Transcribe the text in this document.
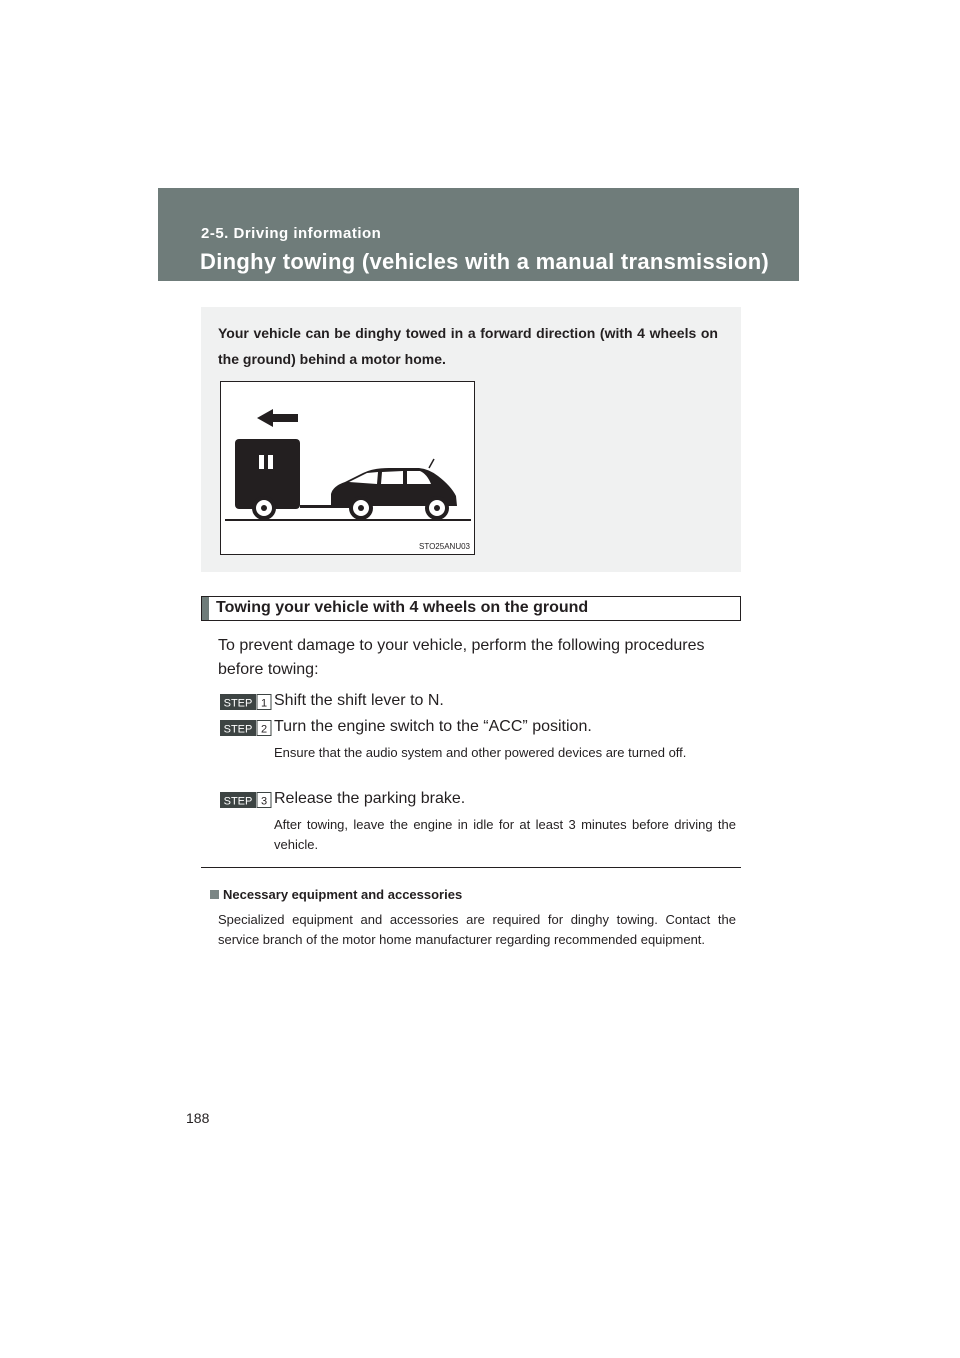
2-5. Driving information
Dinghy towing (vehicles with a manual transmission)
Your vehicle can be dinghy towed in a forward direction (with 4 wheels on the ground) behind a motor home.
STO25ANU03
Towing your vehicle with 4 wheels on the ground
To prevent damage to your vehicle, perform the following procedures before towing:
STEP 1 Shift the shift lever to N.
STEP 2 Turn the engine switch to the “ACC” position.
Ensure that the audio system and other powered devices are turned off.
STEP 3 Release the parking brake.
After towing, leave the engine in idle for at least 3 minutes before driving the vehicle.
Necessary equipment and accessories
Specialized equipment and accessories are required for dinghy towing. Contact the service branch of the motor home manufacturer regarding recommended equipment.
188
